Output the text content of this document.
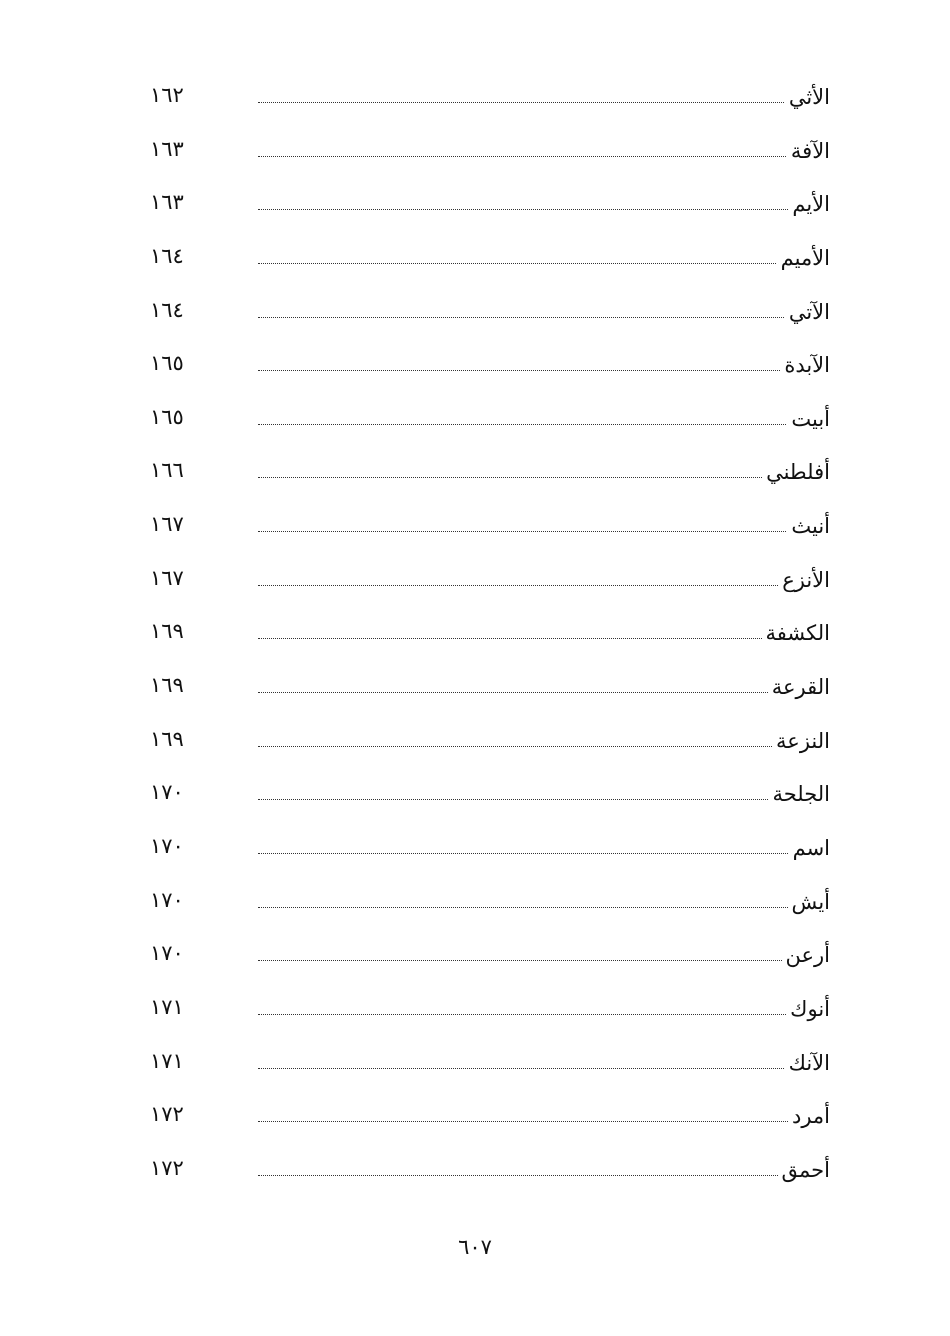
١٦٢	الأثي
١٦٣	الآفة
١٦٣	الأيم
١٦٤	الأميم
١٦٤	الآتي
١٦٥	الآبدة
١٦٥	أبيت
١٦٦	أفلطني
١٦٧	أنيث
١٦٧	الأنزع
١٦٩	الكشفة
١٦٩	القرعة
١٦٩	النزعة
١٧٠	الجلحة
١٧٠	اسم
١٧٠	أيش
١٧٠	أرعن
١٧١	أنوك
١٧١	الآنك
١٧٢	أمرد
١٧٢	أحمق
٦٠٧
